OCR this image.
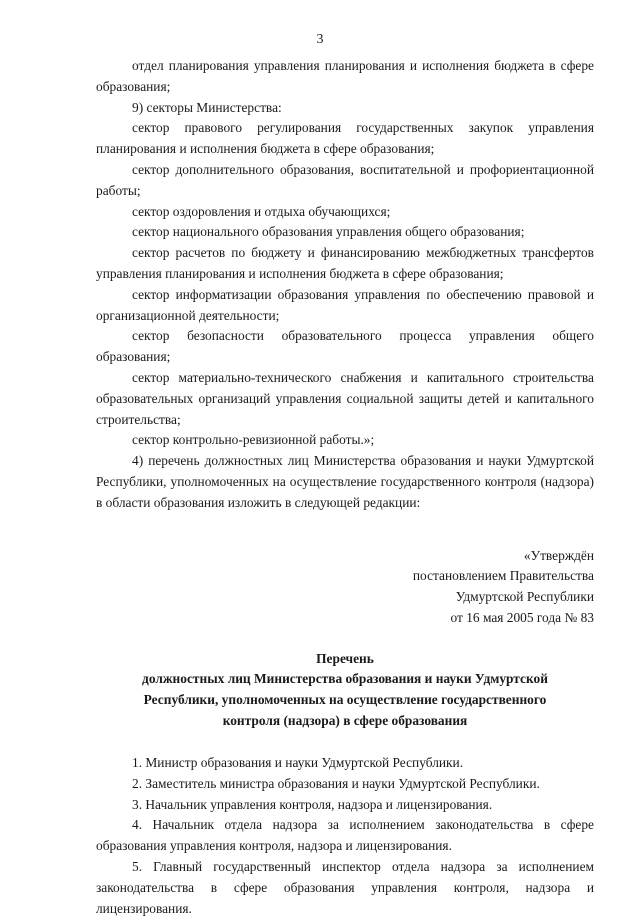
3

отдел планирования управления планирования и исполнения бюджета в сфере образования;

9) секторы Министерства:

сектор правового регулирования государственных закупок управления планирования и исполнения бюджета в сфере образования;

сектор дополнительного образования, воспитательной и профориентационной работы;

сектор оздоровления и отдыха обучающихся;

сектор национального образования управления общего образования;

сектор расчетов по бюджету и финансированию межбюджетных трансфертов управления планирования и исполнения бюджета в сфере образования;

сектор информатизации образования управления по обеспечению правовой и организационной деятельности;

сектор безопасности образовательного процесса управления общего образования;

сектор материально-технического снабжения и капитального строительства образовательных организаций управления социальной защиты детей и капитального строительства;

сектор контрольно-ревизионной работы.»;

4) перечень должностных лиц Министерства образования и науки Удмуртской Республики, уполномоченных на осуществление государственного контроля (надзора) в области образования изложить в следующей редакции:

«Утверждён
постановлением Правительства
Удмуртской Республики
от 16 мая 2005 года № 83
Перечень
должностных лиц Министерства образования и науки Удмуртской Республики, уполномоченных на осуществление государственного контроля (надзора) в сфере образования

1. Министр образования и науки Удмуртской Республики.

2. Заместитель министра образования и науки Удмуртской Республики.

3. Начальник управления контроля, надзора и лицензирования.

4. Начальник отдела надзора за исполнением законодательства в сфере образования управления контроля, надзора и лицензирования.

5. Главный государственный инспектор отдела надзора за исполнением законодательства в сфере образования управления контроля, надзора и лицензирования.
